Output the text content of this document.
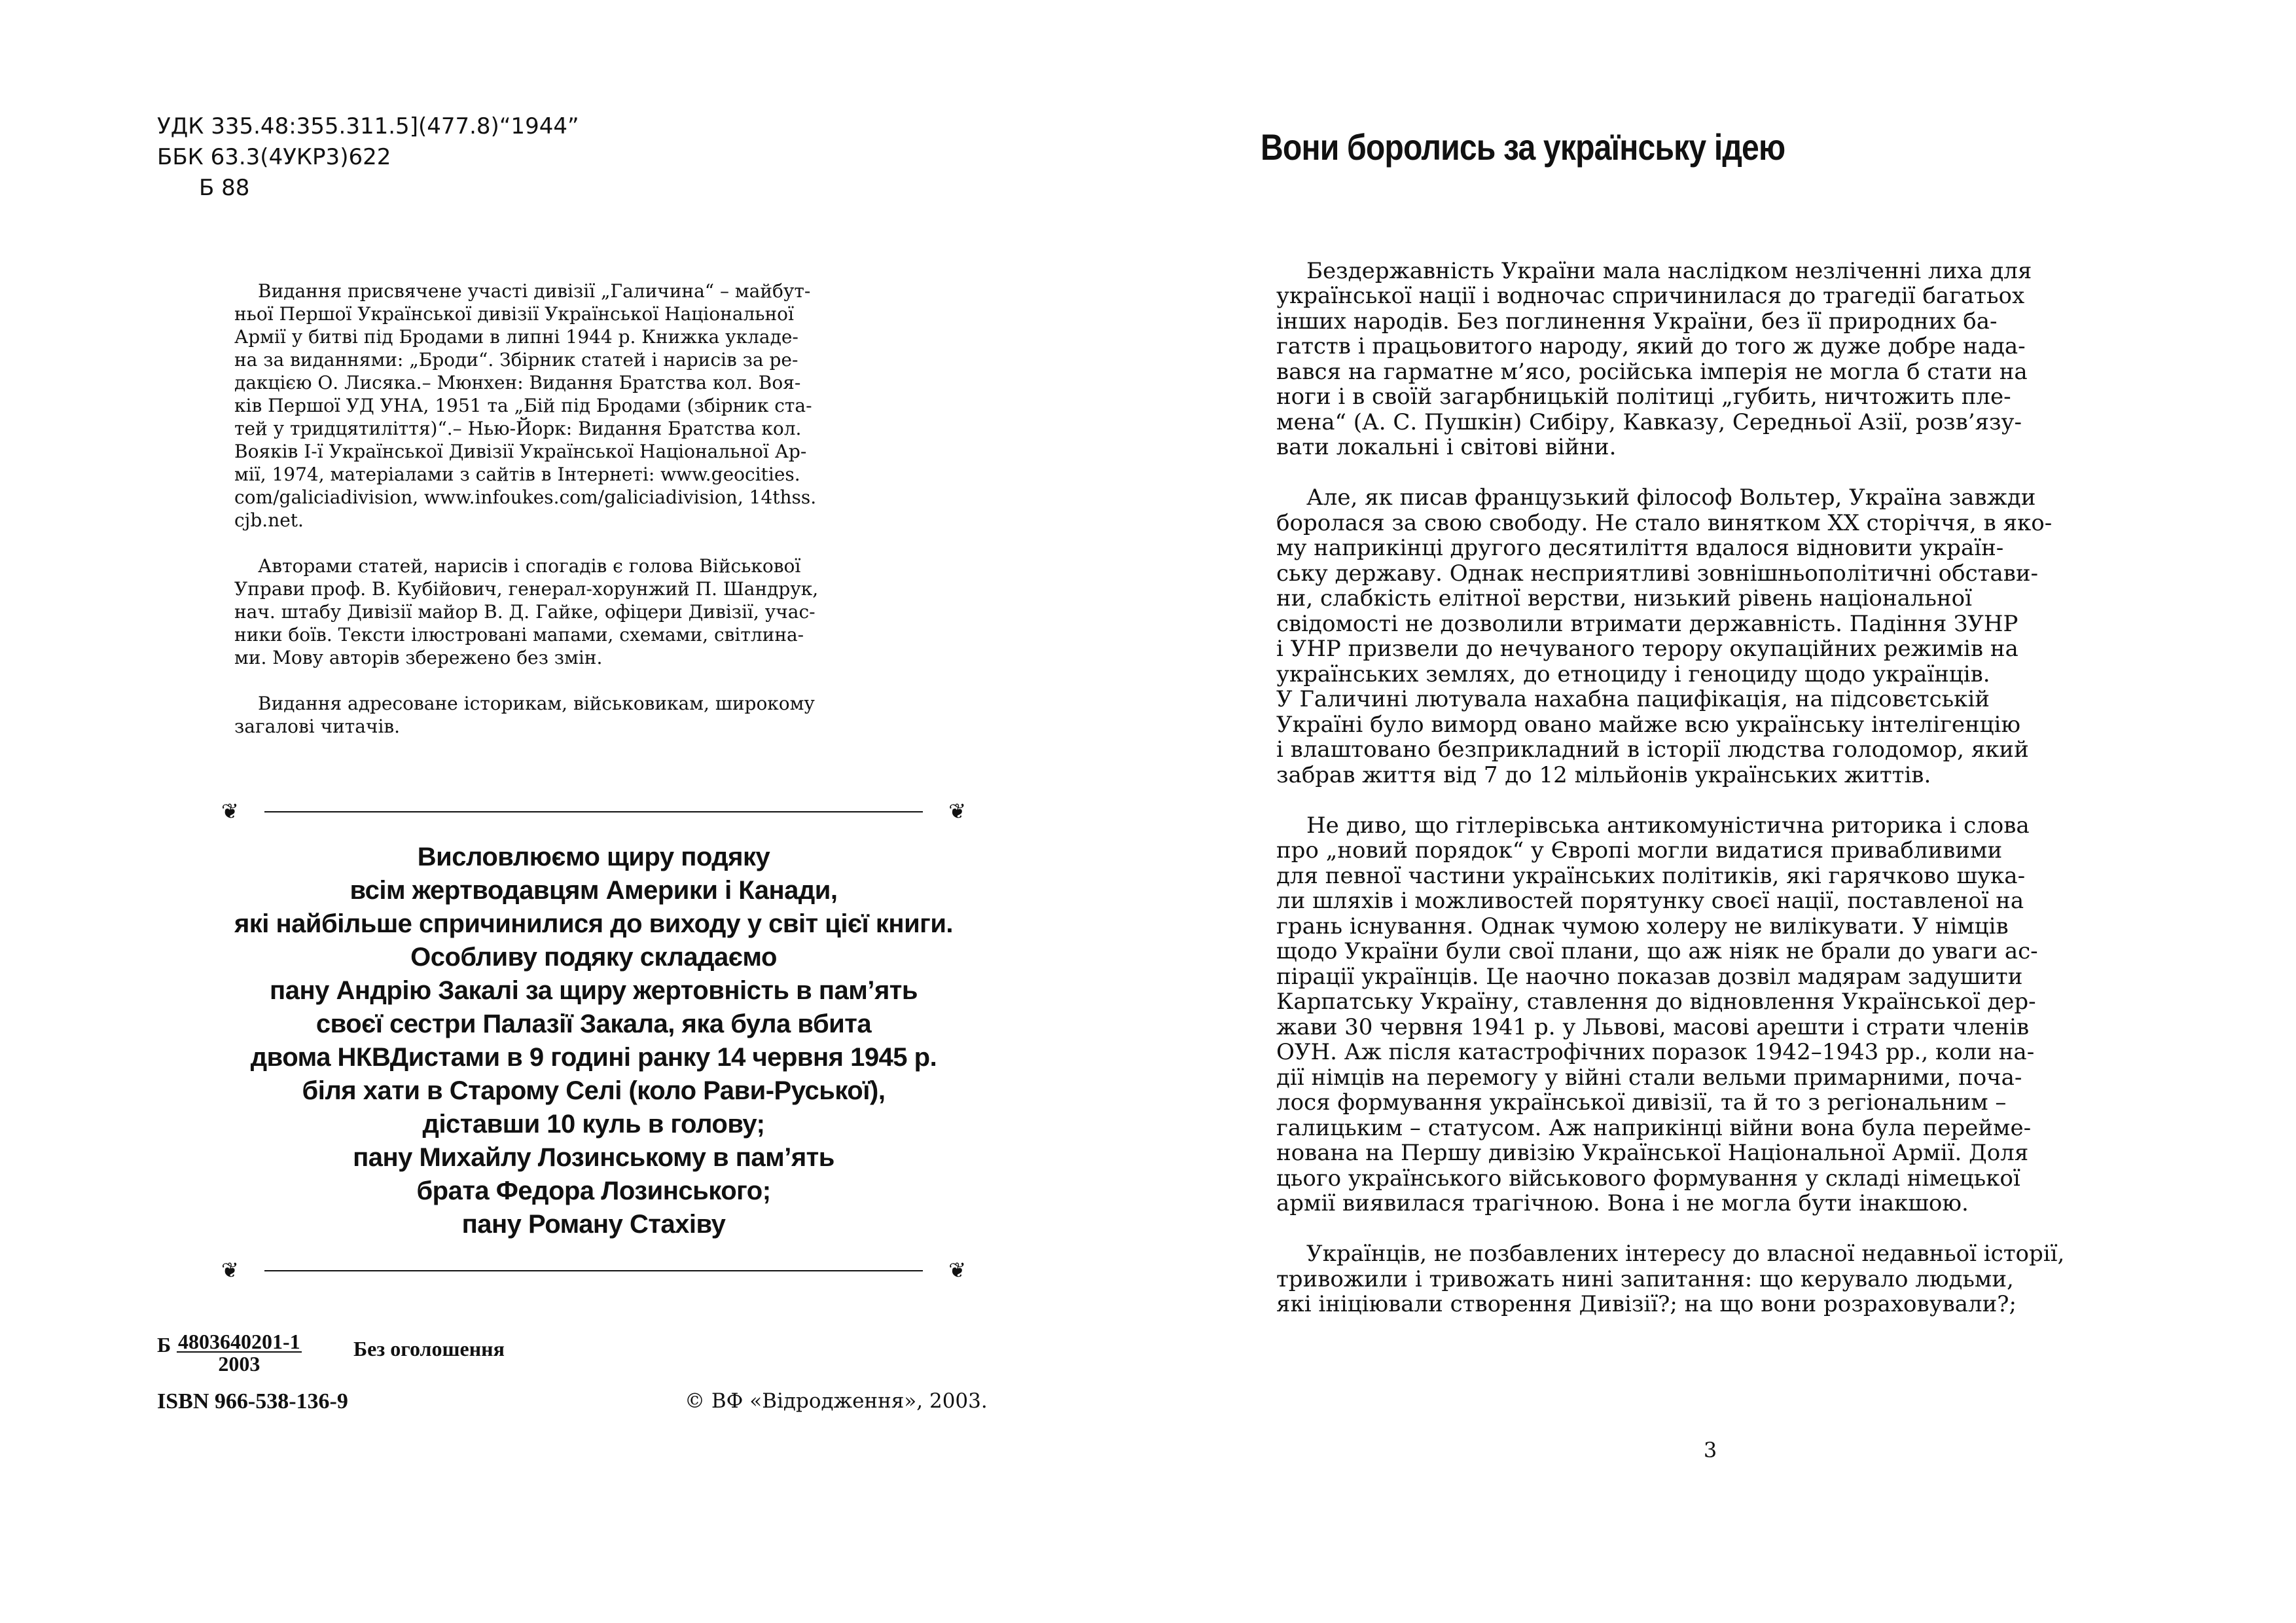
УДК 335.48:355.311.5](477.8)“1944”
ББК 63.3(4УКР3)622
Б 88

Видання присвячене участі дивізії „Галичина“ – майбут-
ньої Першої Української дивізії Української Національної
Армії у битві під Бродами в липні 1944 р. Книжка укладе-
на за виданнями: „Броди“. Збірник статей і нарисів за ре-
дакцією О. Лисяка.– Мюнхен: Видання Братства кол. Воя-
ків Першої УД УНА, 1951 та „Бій під Бродами (збірник ста-
тей у тридцятиліття)“.– Нью-Йорк: Видання Братства кол.
Вояків І-ї Української Дивізії Української Національної Ар-
мії, 1974, матеріалами з сайтів в Інтернеті: www.geocities.
com/galiciadivision, www.infoukes.com/galiciadivision, 14thss.
cjb.net.

Авторами статей, нарисів і спогадів є голова Військової
Управи проф. В. Кубійович, генерал-хорунжий П. Шандрук,
нач. штабу Дивізії майор В. Д. Гайке, офіцери Дивізії, учас-
ники боїв. Тексти ілюстровані мапами, схемами, світлина-
ми. Мову авторів збережено без змін.

Видання адресоване історикам, військовикам, широкому
загалові читачів.

❦	❦
Висловлюємо щиру подяку
всім жертводавцям Америки і Канади,
які найбільше спричинилися до виходу у світ цієї книги.
Особливу подяку складаємо
пану Андрію Закалі за щиру жертовність в пам’ять
своєї сестри Палазії Закала, яка була вбита
двома НКВДистами в 9 годині ранку 14 червня 1945 р.
біля хати в Старому Селі (коло Рави-Руської),
діставши 10 куль в голову;
пану Михайлу Лозинському в пам’ять
брата Федора Лозинського;
пану Роману Стахіву
❦	❦
Б $\frac{4803640201-1}{2003}$ Без оголошення
ISBN 966-538-136-9	© ВФ «Відродження», 2003.
Вони боролись за українську ідею

Бездержавність України мала наслідком незліченні лиха для
української нації і водночас спричинилася до трагедії багатьох
інших народів. Без поглинення України, без її природних ба-
гатств і працьовитого народу, який до того ж дуже добре нада-
вався на гарматне м’ясо, російська імперія не могла б стати на
ноги і в своїй загарбницькій політиці „губить, ничтожить пле-
мена“ (А. С. Пушкін) Сибіру, Кавказу, Середньої Азії, розв’язу-
вати локальні і світові війни.

Але, як писав французький філософ Вольтер, Україна завжди
боролася за свою свободу. Не стало винятком XX сторіччя, в яко-
му наприкінці другого десятиліття вдалося відновити україн-
ську державу. Однак несприятливі зовнішньополітичні обстави-
ни, слабкість елітної верстви, низький рівень національної
свідомості не дозволили втримати державність. Падіння ЗУНР
і УНР призвели до нечуваного терору окупаційних режимів на
українських землях, до етноциду і геноциду щодо українців.
У Галичині лютувала нахабна пацифікація, на підсовєтській
Україні було виморд овано майже всю українську інтелігенцію
і влаштовано безприкладний в історії людства голодомор, який
забрав життя від 7 до 12 мільйонів українських життів.

Не диво, що гітлерівська антикомуністична риторика і слова
про „новий порядок“ у Європі могли видатися привабливими
для певної частини українських політиків, які гарячково шука-
ли шляхів і можливостей порятунку своєї нації, поставленої на
грань існування. Однак чумою холеру не вилікувати. У німців
щодо України були свої плани, що аж ніяк не брали до уваги ас-
пірації українців. Це наочно показав дозвіл мадярам задушити
Карпатську Україну, ставлення до відновлення Української дер-
жави 30 червня 1941 р. у Львові, масові арешти і страти членів
ОУН. Аж після катастрофічних поразок 1942–1943 рр., коли на-
дії німців на перемогу у війні стали вельми примарними, поча-
лося формування української дивізії, та й то з регіональним –
галицьким – статусом. Аж наприкінці війни вона була переймe-
нована на Першу дивізію Української Національної Армії. Доля
цього українського військового формування у складі німецької
армії виявилася трагічною. Вона і не могла бути інакшою.

Українців, не позбавлених інтересу до власної недавньої історії,
тривожили і тривожать нині запитання: що керувало людьми,
які ініціювали створення Дивізії?; на що вони розраховували?;

3
